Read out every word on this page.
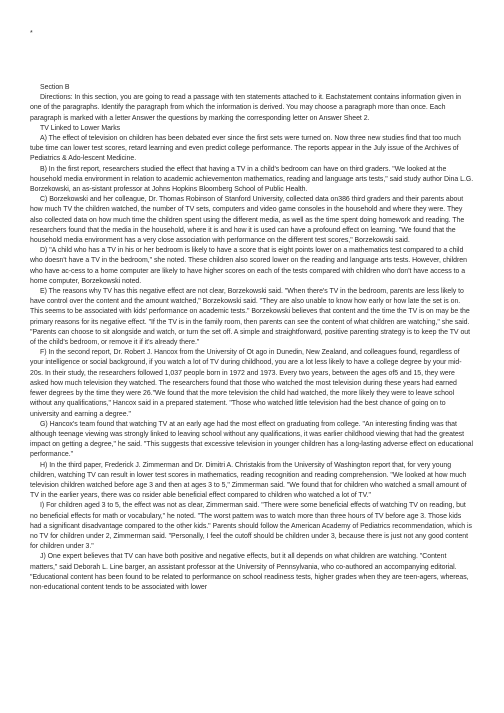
*

Section B

Directions: In this section, you are going to read a passage with ten statements attached to it. Eachstatement contains information given in one of the paragraphs. Identify the paragraph from which the information is derived. You may choose a paragraph more than once. Each paragraph is marked with a letter Answer the questions by marking the corresponding letter on Answer Sheet 2.

TV Linked to Lower Marks

A) The effect of television on children has been debated ever since the first sets were turned on. Now three new studies find that too much tube time can lower test scores, retard learning and even predict college performance. The reports appear in the July issue of the Archives of Pediatrics & Ado-lescent Medicine.

B) In the first report, researchers studied the effect that having a TV in a child's bedroom can have on third graders. "We looked at the household media environment in relation to academic achievementon mathematics, reading and language arts tests," said study author Dina L.G. Borzekowski, an as-sistant professor at Johns Hopkins Bloomberg School of Public Health.

C) Borzekowski and her colleague, Dr. Thomas Robinson of Stanford University, collected data on386 third graders and their parents about how much TV the children watched, the number of TV sets, computers and video game consoles in the household and where they were. They also collected data on how much time the children spent using the different media, as well as the time spent doing homework and reading. The researchers found that the media in the household, where it is and how it is used can have a profound effect on learning. "We found that the household media environment has a very close association with performance on the different test scores," Borzekowski said.

D) "A child who has a TV in his or her bedroom is likely to have a score that is eight points lower on a mathematics test compared to a child who doesn't have a TV in the bedroom," she noted. These children also scored lower on the reading and language arts tests. However, children who have ac-cess to a home computer are likely to have higher scores on each of the tests compared with children who don't have access to a home computer, Borzekowski noted.

E) The reasons why TV has this negative effect are not clear, Borzekowski said. "When there's TV in the bedroom, parents are less likely to have control over the content and the amount watched," Borzekowski said. "They are also unable to know how early or how late the set is on. This seems to be associated with kids' performance on academic tests." Borzekowski believes that content and the time the TV is on may be the primary reasons for its negative effect. "If the TV is in the family room, then parents can see the content of what children are watching," she said. "Parents can choose to sit alongside and watch, or turn the set off. A simple and straightforward, positive parenting strategy is to keep the TV out of the child's bedroom, or remove it if it's already there."

F) In the second report, Dr. Robert J. Hancox from the University of Ot ago in Dunedin, New Zealand, and colleagues found, regardless of your intelligence or social background, if you watch a lot of TV during childhood, you are a lot less likely to have a college degree by your mid-20s. In their study, the researchers followed 1,037 people born in 1972 and 1973. Every two years, between the ages of5 and 15, they were asked how much television they watched. The researchers found that those who watched the most television during these years had earned fewer degrees by the time they were 26."We found that the more television the child had watched, the more likely they were to leave school without any qualifications," Hancox said in a prepared statement. "Those who watched little television had the best chance of going on to university and earning a degree."

G) Hancox's team found that watching TV at an early age had the most effect on graduating from college. "An interesting finding was that although teenage viewing was strongly linked to leaving school without any qualifications, it was earlier childhood viewing that had the greatest impact on getting a degree," he said. "This suggests that excessive television in younger children has a long-lasting adverse effect on educational performance."

H) In the third paper, Frederick J. Zimmerman and Dr. Dimitri A. Christakis from the University of Washington report that, for very young children, watching TV can result in lower test scores in mathematics, reading recognition and reading comprehension. "We looked at how much television children watched before age 3 and then at ages 3 to 5," Zimmerman said. "We found that for children who watched a small amount of TV in the earlier years, there was co nsider able beneficial effect compared to children who watched a lot of TV."

I) For children aged 3 to 5, the effect was not as clear, Zimmerman said. "There were some beneficial effects of watching TV on reading, but no beneficial effects for math or vocabulary," he noted. "The worst pattern was to watch more than three hours of TV before age 3. Those kids had a significant disadvantage compared to the other kids." Parents should follow the American Academy of Pediatrics recommendation, which is no TV for children under 2, Zimmerman said. "Personally, I feel the cutoff should be children under 3, because there is just not any good content for children under 3."

J) One expert believes that TV can have both positive and negative effects, but it all depends on what children are watching. "Content matters," said Deborah L. Line barger, an assistant professor at the University of Pennsylvania, who co-authored an accompanying editorial. "Educational content has been found to be related to performance on school readiness tests, higher grades when they are teen-agers, whereas, non-educational content tends to be associated with lower
